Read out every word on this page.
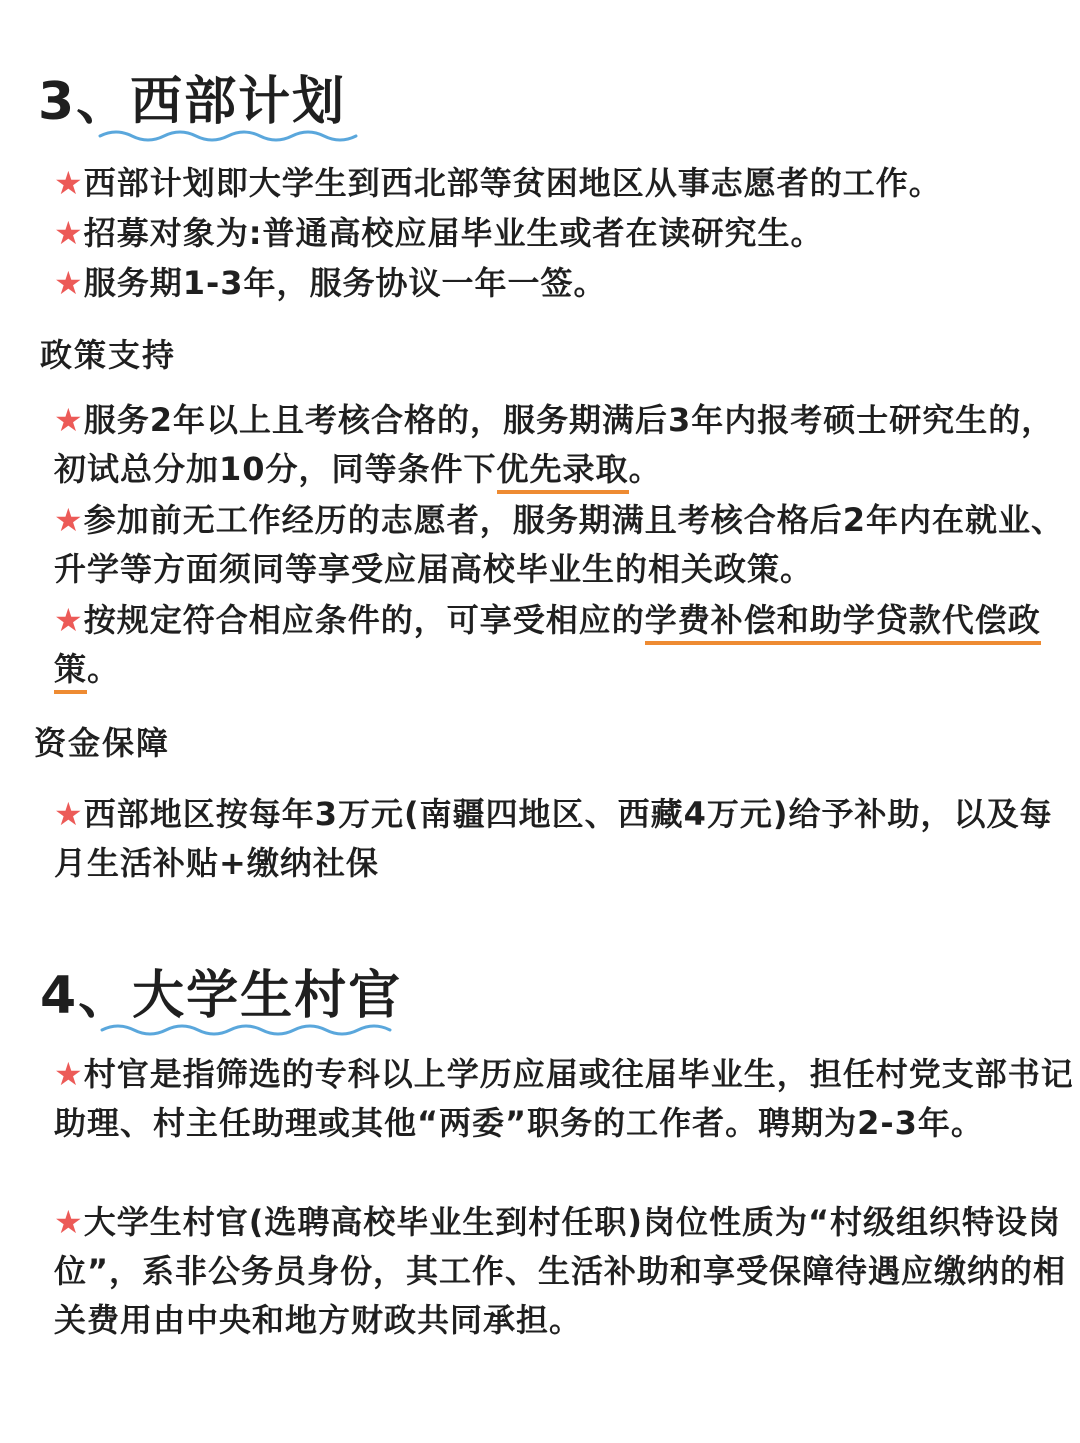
3、西部计划

★西部计划即大学生到西北部等贫困地区从事志愿者的工作。

★招募对象为:普通高校应届毕业生或者在读研究生。

★服务期1-3年，服务协议一年一签。

政策支持

★服务2年以上且考核合格的，服务期满后3年内报考硕士研究生的，初试总分加10分，同等条件下优先录取。

★参加前无工作经历的志愿者，服务期满且考核合格后2年内在就业、升学等方面须同等享受应届高校毕业生的相关政策。

★按规定符合相应条件的，可享受相应的学费补偿和助学贷款代偿政策。

资金保障

★西部地区按每年3万元(南疆四地区、西藏4万元)给予补助，以及每月生活补贴+缴纳社保

4、大学生村官

★村官是指筛选的专科以上学历应届或往届毕业生，担任村党支部书记助理、村主任助理或其他“两委”职务的工作者。聘期为2-3年。

★大学生村官(选聘高校毕业生到村任职)岗位性质为“村级组织特设岗位”，系非公务员身份，其工作、生活补助和享受保障待遇应缴纳的相关费用由中央和地方财政共同承担。
